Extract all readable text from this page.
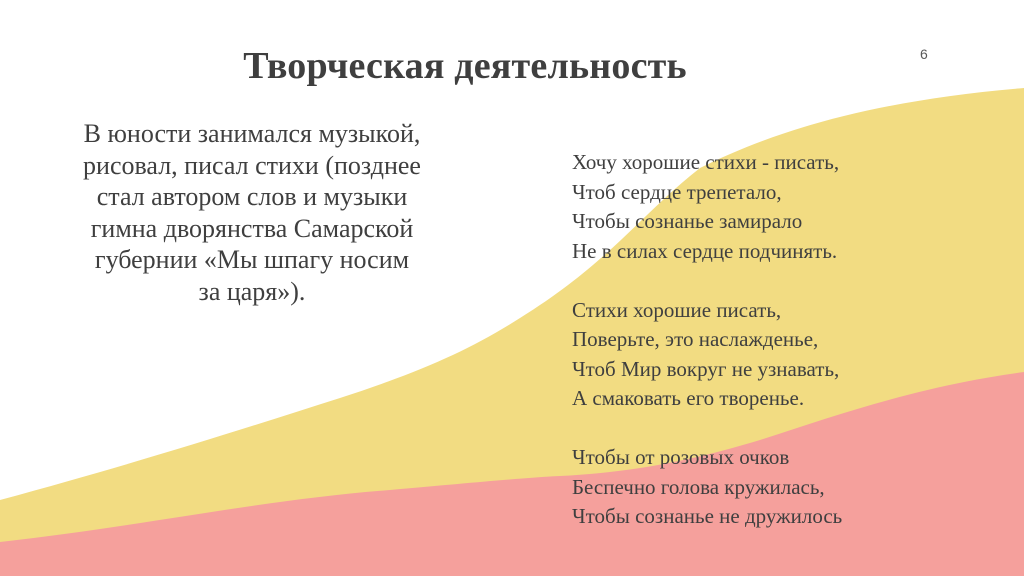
Творческая деятельность	6
В юности занимался музыкой, рисовал, писал стихи (позднее стал автором слов и музыки гимна дворянства Самарской губернии «Мы шпагу носим за царя»).
Хочу хорошие стихи - писать,
Чтоб сердце трепетало,
Чтобы сознанье замирало
Не в силах сердце подчинять.
Стихи хорошие писать,
Поверьте, это наслажденье,
Чтоб Мир вокруг не узнавать,
А смаковать его творенье.
Чтобы от розовых очков
Беспечно голова кружилась,
Чтобы сознанье не дружилось
